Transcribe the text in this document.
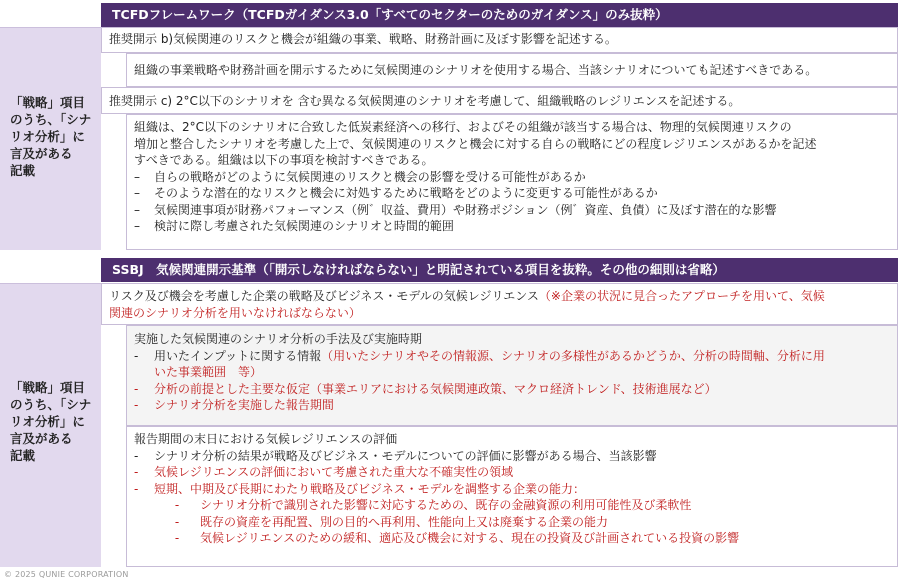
TCFDフレームワーク（TCFDガイダンス3.0「すべてのセクターのためのガイダンス」のみ抜粋）
「戦略」項目
のうち、「シナ
リオ分析」に
言及がある
記載
推奨開示 b)気候関連のリスクと機会が組織の事業、戦略、財務計画に及ぼす影響を記述する。
組織の事業戦略や財務計画を開示するために気候関連のシナリオを使用する場合、当該シナリオについても記述すべきである。
推奨開示 c) 2°C以下のシナリオを 含む異なる気候関連のシナリオを考慮して、組織戦略のレジリエンスを記述する。
組織は、2°C以下のシナリオに合致した低炭素経済への移行、およびその組織が該当する場合は、物理的気候関連リスクの
増加と整合したシナリオを考慮した上で、気候関連のリスクと機会に対する自らの戦略にどの程度レジリエンスがあるかを記述
すべきである。組織は以下の事項を検討すべきである。
– 自らの戦略がどのように気候関連のリスクと機会の影響を受ける可能性があるか
– そのような潜在的なリスクと機会に対処するために戦略をどのように変更する可能性があるか
– 気候関連事項が財務パフォーマンス（例゛収益、費用）や財務ポジション（例゛資産、負債）に及ぼす潜在的な影響
– 検討に際し考慮された気候関連のシナリオと時間的範囲
SSBJ　気候関連開示基準（「開示しなければならない」と明記されている項目を抜粋。その他の細則は省略）
「戦略」項目
のうち、「シナ
リオ分析」に
言及がある
記載
リスク及び機会を考慮した企業の戦略及びビジネス・モデルの気候レジリエンス（※企業の状況に見合ったアプローチを用いて、気候
関連のシナリオ分析を用いなければならない）
実施した気候関連のシナリオ分析の手法及び実施時期
- 用いたインプットに関する情報（用いたシナリオやその情報源、シナリオの多様性があるかどうか、分析の時間軸、分析に用
いた事業範囲　等）
- 分析の前提とした主要な仮定（事業エリアにおける気候関連政策、マクロ経済トレンド、技術進展など）
- シナリオ分析を実施した報告期間
報告期間の末日における気候レジリエンスの評価
- シナリオ分析の結果が戦略及びビジネス・モデルについての評価に影響がある場合、当該影響
- 気候レジリエンスの評価において考慮された重大な不確実性の領域
- 短期、中期及び長期にわたり戦略及びビジネス・モデルを調整する企業の能力：
- シナリオ分析で識別された影響に対応するための、既存の金融資源の利用可能性及び柔軟性
- 既存の資産を再配置、別の目的へ再利用、性能向上又は廃棄する企業の能力
- 気候レジリエンスのための緩和、適応及び機会に対する、現在の投資及び計画されている投資の影響
© 2025 QUNIE CORPORATION
